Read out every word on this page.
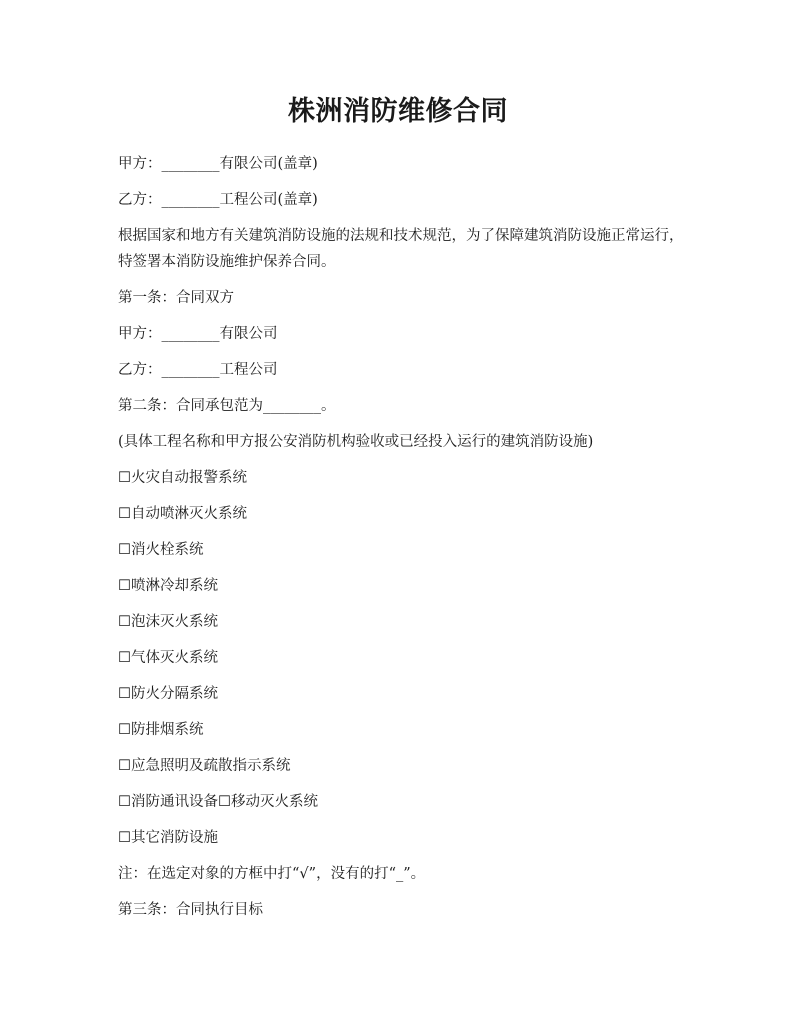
株洲消防维修合同

甲方：________有限公司(盖章)

乙方：________工程公司(盖章)

根据国家和地方有关建筑消防设施的法规和技术规范，为了保障建筑消防设施正常运行，特签署本消防设施维护保养合同。

第一条：合同双方

甲方：________有限公司

乙方：________工程公司

第二条：合同承包范为________。

(具体工程名称和甲方报公安消防机构验收或已经投入运行的建筑消防设施)

☐火灾自动报警系统

☐自动喷淋灭火系统

☐消火栓系统

☐喷淋冷却系统

☐泡沫灭火系统

☐气体灭火系统

☐防火分隔系统

☐防排烟系统

☐应急照明及疏散指示系统

☐消防通讯设备☐移动灭火系统

☐其它消防设施

注：在选定对象的方框中打“√”，没有的打“_”。

第三条：合同执行目标
